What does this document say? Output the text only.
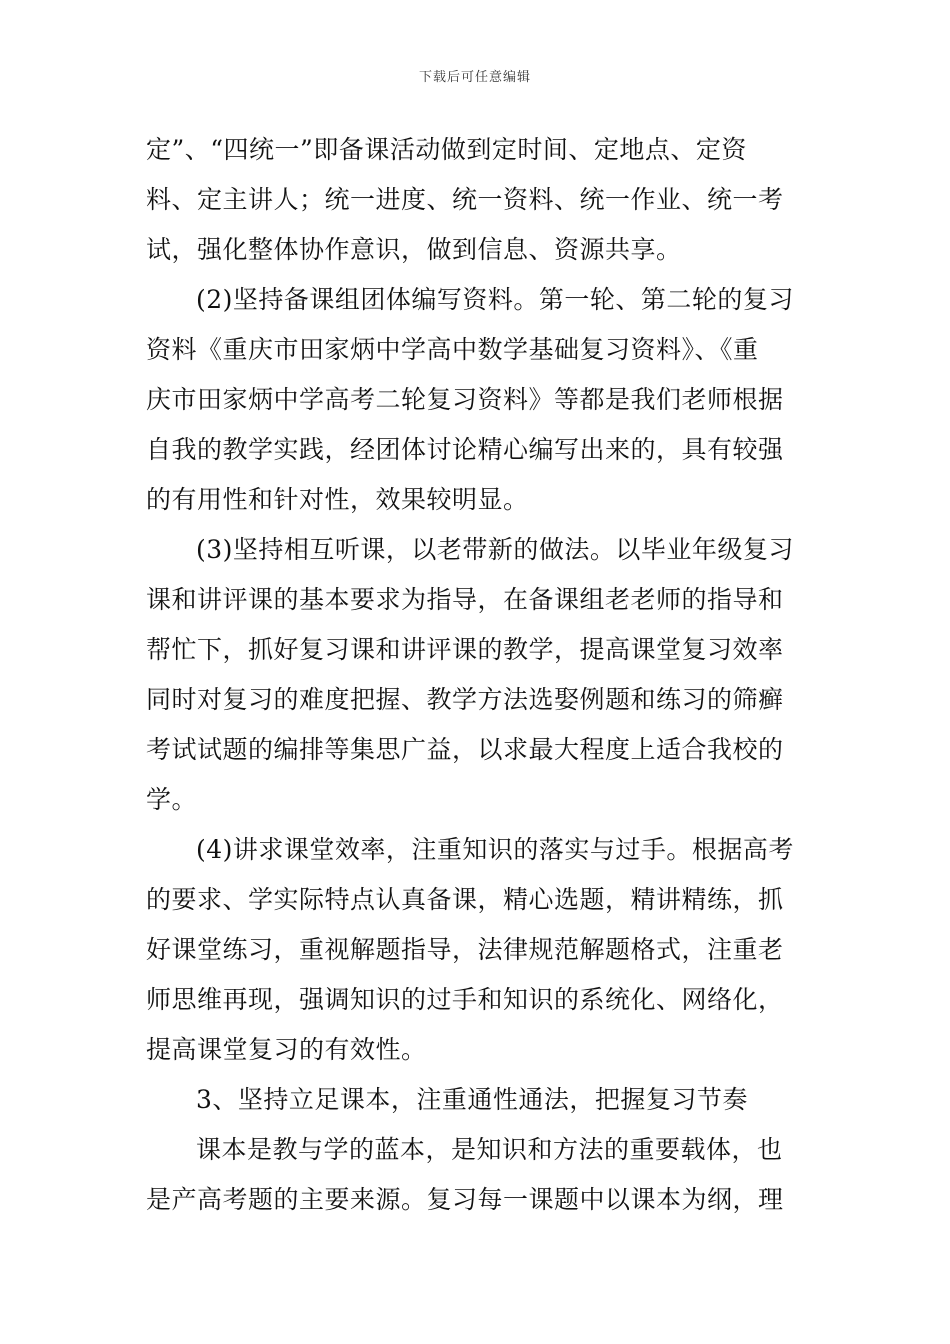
下载后可任意编辑
定”、“四统一”即备课活动做到定时间、定地点、定资
料、定主讲人；统一进度、统一资料、统一作业、统一考
试，强化整体协作意识，做到信息、资源共享。
(2)坚持备课组团体编写资料。第一轮、第二轮的复习
资料《重庆市田家炳中学高中数学基础复习资料》、《重
庆市田家炳中学高考二轮复习资料》等都是我们老师根据
自我的教学实践，经团体讨论精心编写出来的，具有较强
的有用性和针对性，效果较明显。
(3)坚持相互听课，以老带新的做法。以毕业年级复习
课和讲评课的基本要求为指导，在备课组老老师的指导和
帮忙下，抓好复习课和讲评课的教学，提高课堂复习效率
同时对复习的难度把握、教学方法选娶例题和练习的筛癣
考试试题的编排等集思广益，以求最大程度上适合我校的
学。
(4)讲求课堂效率，注重知识的落实与过手。根据高考
的要求、学实际特点认真备课，精心选题，精讲精练，抓
好课堂练习，重视解题指导，法律规范解题格式，注重老
师思维再现，强调知识的过手和知识的系统化、网络化，
提高课堂复习的有效性。
3、坚持立足课本，注重通性通法，把握复习节奏
课本是教与学的蓝本，是知识和方法的重要载体，也
是产高考题的主要来源。复习每一课题中以课本为纲，理
